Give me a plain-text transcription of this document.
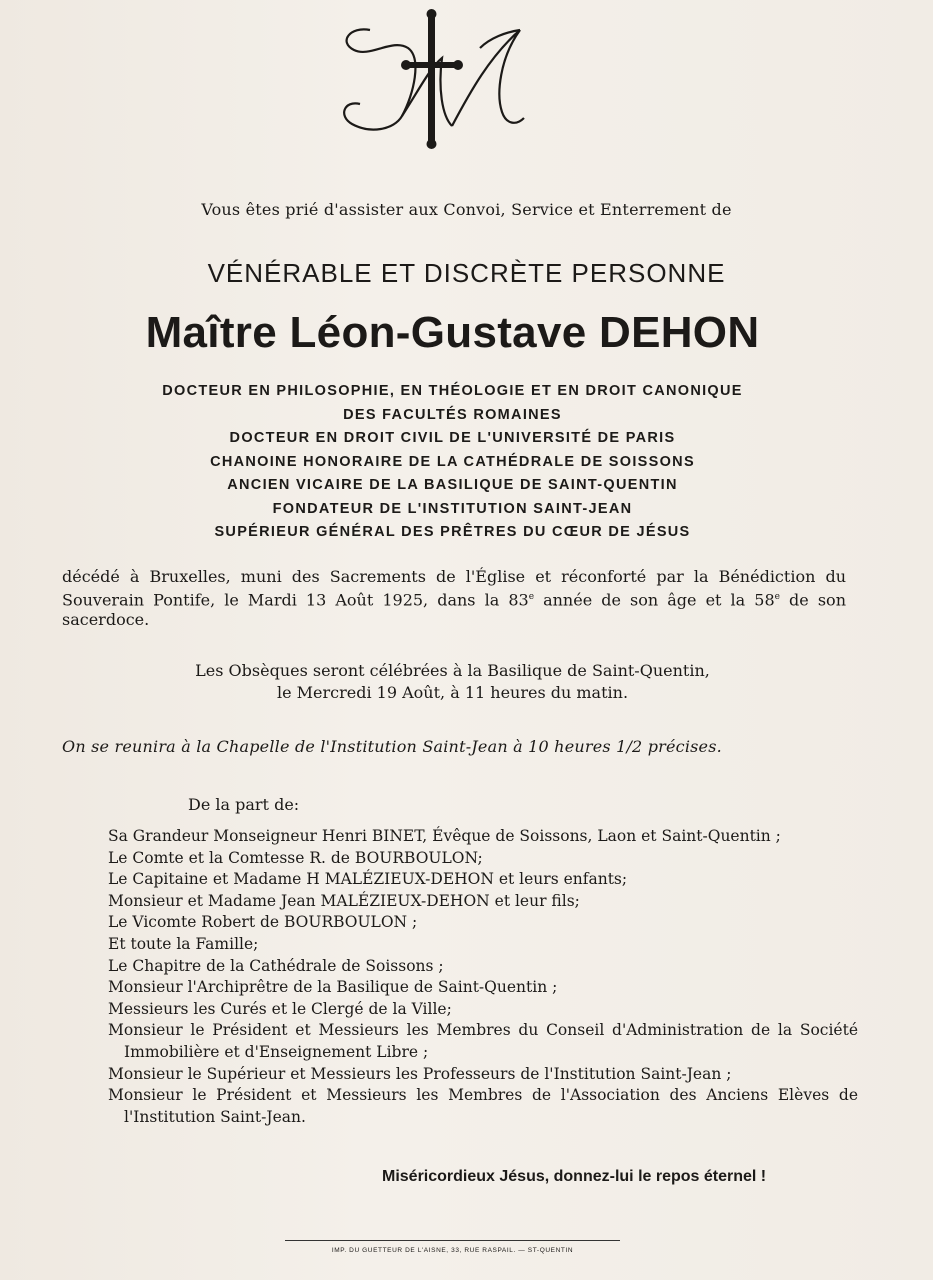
Vous êtes prié d'assister aux Convoi, Service et Enterrement de
VÉNÉRABLE ET DISCRÈTE PERSONNE
Maître Léon-Gustave DEHON
DOCTEUR EN PHILOSOPHIE, EN THÉOLOGIE ET EN DROIT CANONIQUE
DES FACULTÉS ROMAINES
DOCTEUR EN DROIT CIVIL DE L'UNIVERSITÉ DE PARIS
CHANOINE HONORAIRE DE LA CATHÉDRALE DE SOISSONS
ANCIEN VICAIRE DE LA BASILIQUE DE SAINT-QUENTIN
FONDATEUR DE L'INSTITUTION SAINT-JEAN
SUPÉRIEUR GÉNÉRAL DES PRÊTRES DU CŒUR DE JÉSUS
décédé à Bruxelles, muni des Sacrements de l'Église et réconforté par la Bénédiction du Souverain Pontife, le Mardi 13 Août 1925, dans la 83e année de son âge et la 58e de son sacerdoce.
Les Obsèques seront célébrées à la Basilique de Saint-Quentin,
le Mercredi 19 Août, à 11 heures du matin.
On se reunira à la Chapelle de l'Institution Saint-Jean à 10 heures 1/2 précises.
De la part de:
Sa Grandeur Monseigneur Henri BINET, Évêque de Soissons, Laon et Saint-Quentin ;
Le Comte et la Comtesse R. de BOURBOULON;
Le Capitaine et Madame H MALÉZIEUX-DEHON et leurs enfants;
Monsieur et Madame Jean MALÉZIEUX-DEHON et leur fils;
Le Vicomte Robert de BOURBOULON ;
Et toute la Famille;
Le Chapitre de la Cathédrale de Soissons ;
Monsieur l'Archiprêtre de la Basilique de Saint-Quentin ;
Messieurs les Curés et le Clergé de la Ville;
Monsieur le Président et Messieurs les Membres du Conseil d'Administration de la Société Immobilière et d'Enseignement Libre ;
Monsieur le Supérieur et Messieurs les Professeurs de l'Institution Saint-Jean ;
Monsieur le Président et Messieurs les Membres de l'Association des Anciens Elèves de l'Institution Saint-Jean.
Miséricordieux Jésus, donnez-lui le repos éternel !
IMP. DU GUETTEUR DE L'AISNE, 33, RUE RASPAIL. — ST-QUENTIN
